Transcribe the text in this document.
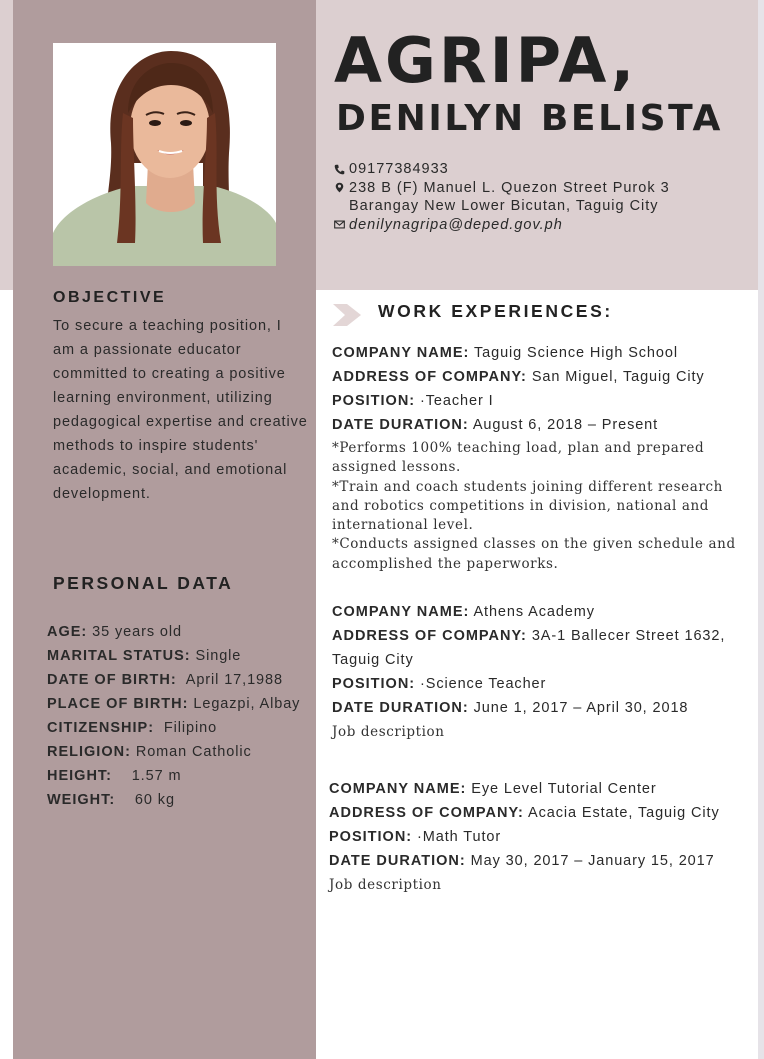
AGRIPA,
DENILYN BELISTA
09177384933
238 B (F) Manuel L. Quezon Street Purok 3
Barangay New Lower Bicutan, Taguig City
denilynagripa@deped.gov.ph
OBJECTIVE
To secure a teaching position, I am a passionate educator committed to creating a positive learning environment, utilizing pedagogical expertise and creative methods to inspire students' academic, social, and emotional development.
PERSONAL DATA
AGE: 35 years old
MARITAL STATUS: Single
DATE OF BIRTH:  April 17,1988
PLACE OF BIRTH: Legazpi, Albay
CITIZENSHIP:  Filipino
RELIGION: Roman Catholic
HEIGHT:    1.57 m
WEIGHT:    60 kg
WORK EXPERIENCES:
COMPANY NAME: Taguig Science High School
ADDRESS OF COMPANY: San Miguel, Taguig City
POSITION: ·Teacher I
DATE DURATION: August 6, 2018 – Present
*Performs 100% teaching load, plan and prepared assigned lessons.
*Train and coach students joining different research and robotics competitions in division, national and international level.
*Conducts assigned classes on the given schedule and accomplished the paperworks.
COMPANY NAME: Athens Academy
ADDRESS OF COMPANY: 3A-1 Ballecer Street 1632, Taguig City
POSITION: ·Science Teacher
DATE DURATION: June 1, 2017 – April 30, 2018
Job description
COMPANY NAME: Eye Level Tutorial Center
ADDRESS OF COMPANY: Acacia Estate, Taguig City
POSITION: ·Math Tutor
DATE DURATION: May 30, 2017 – January 15, 2017
Job description
